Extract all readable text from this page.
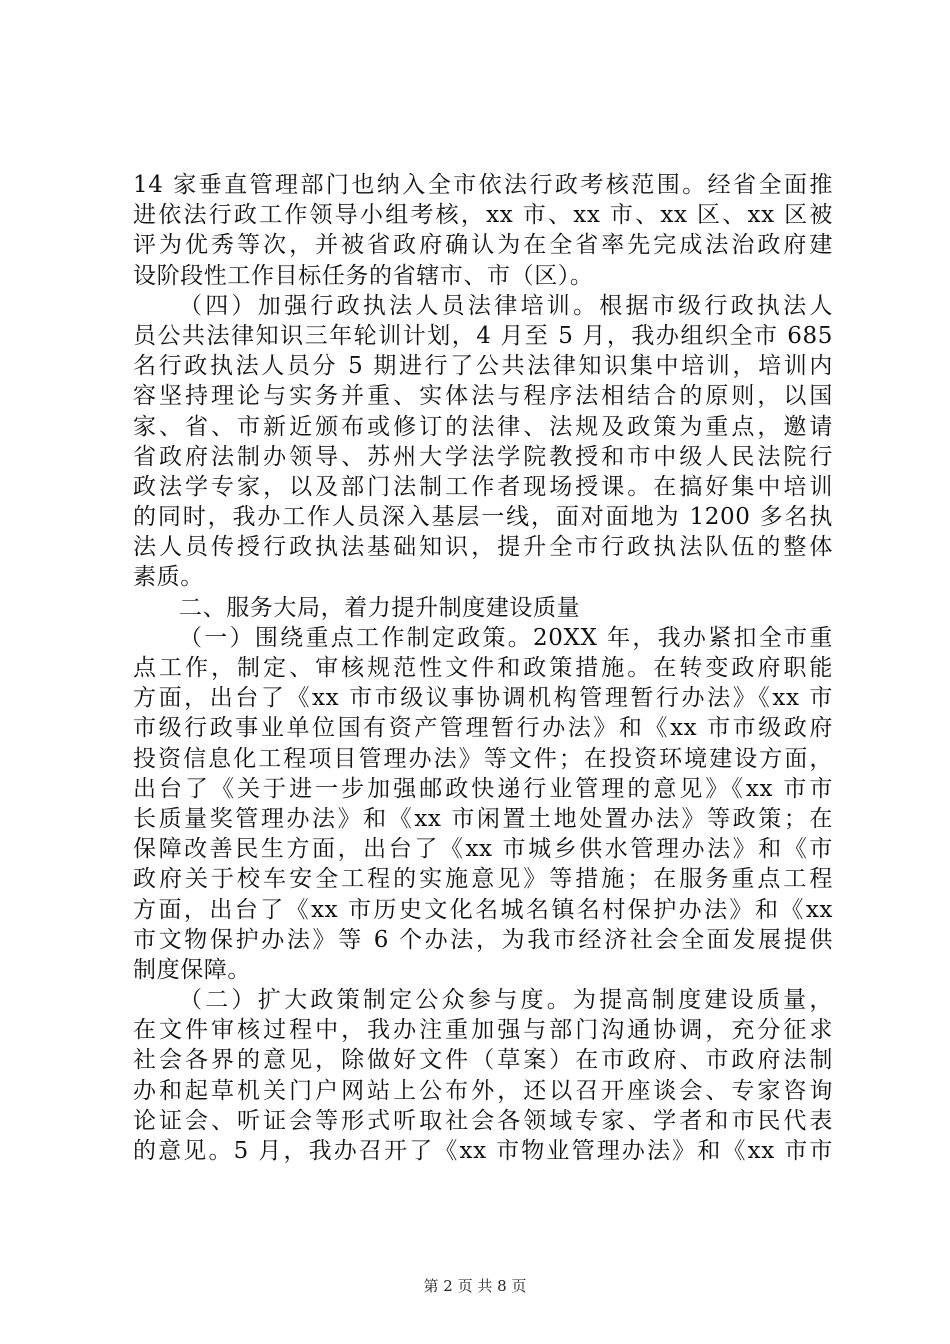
14 家垂直管理部门也纳入全市依法行政考核范围。经省全面推
进依法行政工作领导小组考核，xx 市、xx 市、xx 区、xx 区被
评为优秀等次，并被省政府确认为在全省率先完成法治政府建
设阶段性工作目标任务的省辖市、市（区）。
（四）加强行政执法人员法律培训。根据市级行政执法人
员公共法律知识三年轮训计划，4 月至 5 月，我办组织全市 685
名行政执法人员分 5 期进行了公共法律知识集中培训，培训内
容坚持理论与实务并重、实体法与程序法相结合的原则，以国
家、省、市新近颁布或修订的法律、法规及政策为重点，邀请
省政府法制办领导、苏州大学法学院教授和市中级人民法院行
政法学专家，以及部门法制工作者现场授课。在搞好集中培训
的同时，我办工作人员深入基层一线，面对面地为 1200 多名执
法人员传授行政执法基础知识，提升全市行政执法队伍的整体
素质。
二、服务大局，着力提升制度建设质量
（一）围绕重点工作制定政策。20XX 年，我办紧扣全市重
点工作，制定、审核规范性文件和政策措施。在转变政府职能
方面，出台了《xx 市市级议事协调机构管理暂行办法》《xx 市
市级行政事业单位国有资产管理暂行办法》和《xx 市市级政府
投资信息化工程项目管理办法》等文件；在投资环境建设方面，
出台了《关于进一步加强邮政快递行业管理的意见》《xx 市市
长质量奖管理办法》和《xx 市闲置土地处置办法》等政策；在
保障改善民生方面，出台了《xx 市城乡供水管理办法》和《市
政府关于校车安全工程的实施意见》等措施；在服务重点工程
方面，出台了《xx 市历史文化名城名镇名村保护办法》和《xx
市文物保护办法》等 6 个办法，为我市经济社会全面发展提供
制度保障。
（二）扩大政策制定公众参与度。为提高制度建设质量，
在文件审核过程中，我办注重加强与部门沟通协调，充分征求
社会各界的意见，除做好文件（草案）在市政府、市政府法制
办和起草机关门户网站上公布外，还以召开座谈会、专家咨询
论证会、听证会等形式听取社会各领域专家、学者和市民代表
的意见。5 月，我办召开了《xx 市物业管理办法》和《xx 市市
第 2 页 共 8 页
